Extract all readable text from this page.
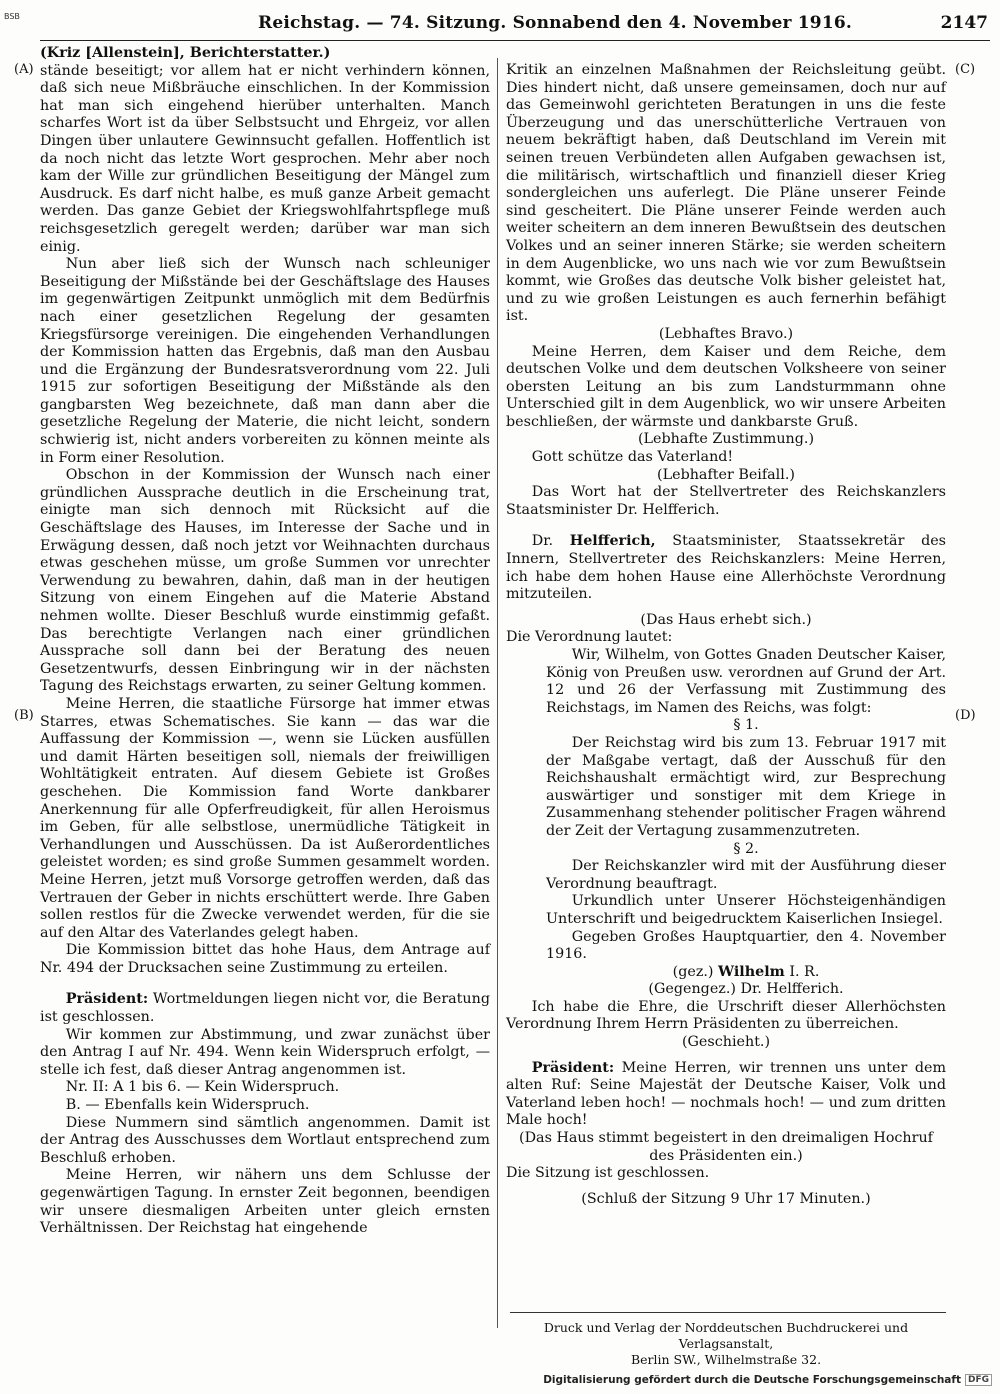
BSB	Reichstag. — 74. Sitzung. Sonnabend den 4. November 1916.	2147
(A)
(B)
(C)
(D)

(Kriz [Allenstein], Berichterstatter.)

stände beseitigt; vor allem hat er nicht verhindern können, daß sich neue Mißbräuche einschlichen. In der Kommission hat man sich eingehend hierüber unterhalten. Manch scharfes Wort ist da über Selbstsucht und Ehrgeiz, vor allen Dingen über unlautere Gewinnsucht gefallen. Hoffentlich ist da noch nicht das letzte Wort gesprochen. Mehr aber noch kam der Wille zur gründlichen Beseitigung der Mängel zum Ausdruck. Es darf nicht halbe, es muß ganze Arbeit gemacht werden. Das ganze Gebiet der Kriegswohlfahrtspflege muß reichsgesetzlich geregelt werden; darüber war man sich einig.

Nun aber ließ sich der Wunsch nach schleuniger Beseitigung der Mißstände bei der Geschäftslage des Hauses im gegenwärtigen Zeitpunkt unmöglich mit dem Bedürfnis nach einer gesetzlichen Regelung der gesamten Kriegsfürsorge vereinigen. Die eingehenden Verhandlungen der Kommission hatten das Ergebnis, daß man den Ausbau und die Ergänzung der Bundesratsverordnung vom 22. Juli 1915 zur sofortigen Beseitigung der Mißstände als den gangbarsten Weg bezeichnete, daß man dann aber die gesetzliche Regelung der Materie, die nicht leicht, sondern schwierig ist, nicht anders vorbereiten zu können meinte als in Form einer Resolution.

Obschon in der Kommission der Wunsch nach einer gründlichen Aussprache deutlich in die Erscheinung trat, einigte man sich dennoch mit Rücksicht auf die Geschäftslage des Hauses, im Interesse der Sache und in Erwägung dessen, daß noch jetzt vor Weihnachten durchaus etwas geschehen müsse, um große Summen vor unrechter Verwendung zu bewahren, dahin, daß man in der heutigen Sitzung von einem Eingehen auf die Materie Abstand nehmen wollte. Dieser Beschluß wurde einstimmig gefaßt. Das berechtigte Verlangen nach einer gründlichen Aussprache soll dann bei der Beratung des neuen Gesetzentwurfs, dessen Einbringung wir in der nächsten Tagung des Reichstags erwarten, zu seiner Geltung kommen.

Meine Herren, die staatliche Fürsorge hat immer etwas Starres, etwas Schematisches. Sie kann — das war die Auffassung der Kommission —, wenn sie Lücken ausfüllen und damit Härten beseitigen soll, niemals der freiwilligen Wohltätigkeit entraten. Auf diesem Gebiete ist Großes geschehen. Die Kommission fand Worte dankbarer Anerkennung für alle Opferfreudigkeit, für allen Heroismus im Geben, für alle selbstlose, unermüdliche Tätigkeit in Verhandlungen und Ausschüssen. Da ist Außerordentliches geleistet worden; es sind große Summen gesammelt worden. Meine Herren, jetzt muß Vorsorge getroffen werden, daß das Vertrauen der Geber in nichts erschüttert werde. Ihre Gaben sollen restlos für die Zwecke verwendet werden, für die sie auf den Altar des Vaterlandes gelegt haben.

Die Kommission bittet das hohe Haus, dem Antrage auf Nr. 494 der Drucksachen seine Zustimmung zu erteilen.

Präsident: Wortmeldungen liegen nicht vor, die Beratung ist geschlossen.

Wir kommen zur Abstimmung, und zwar zunächst über den Antrag I auf Nr. 494. Wenn kein Widerspruch erfolgt, — stelle ich fest, daß dieser Antrag angenommen ist.

Nr. II: A 1 bis 6. — Kein Widerspruch.

B. — Ebenfalls kein Widerspruch.

Diese Nummern sind sämtlich angenommen. Damit ist der Antrag des Ausschusses dem Wortlaut entsprechend zum Beschluß erhoben.

Meine Herren, wir nähern uns dem Schlusse der gegenwärtigen Tagung. In ernster Zeit begonnen, beendigen wir unsere diesmaligen Arbeiten unter gleich ernsten Verhältnissen. Der Reichstag hat eingehende

Kritik an einzelnen Maßnahmen der Reichsleitung geübt. Dies hindert nicht, daß unsere gemeinsamen, doch nur auf das Gemeinwohl gerichteten Beratungen in uns die feste Überzeugung und das unerschütterliche Vertrauen von neuem bekräftigt haben, daß Deutschland im Verein mit seinen treuen Verbündeten allen Aufgaben gewachsen ist, die militärisch, wirtschaftlich und finanziell dieser Krieg sondergleichen uns auferlegt. Die Pläne unserer Feinde sind gescheitert. Die Pläne unserer Feinde werden auch weiter scheitern an dem inneren Bewußtsein des deutschen Volkes und an seiner inneren Stärke; sie werden scheitern in dem Augenblicke, wo uns nach wie vor zum Bewußtsein kommt, wie Großes das deutsche Volk bisher geleistet hat, und zu wie großen Leistungen es auch fernerhin befähigt ist.

(Lebhaftes Bravo.)

Meine Herren, dem Kaiser und dem Reiche, dem deutschen Volke und dem deutschen Volksheere von seiner obersten Leitung an bis zum Landsturmmann ohne Unterschied gilt in dem Augenblick, wo wir unsere Arbeiten beschließen, der wärmste und dankbarste Gruß.

(Lebhafte Zustimmung.)

Gott schütze das Vaterland!

(Lebhafter Beifall.)

Das Wort hat der Stellvertreter des Reichskanzlers Staatsminister Dr. Helfferich.

Dr. Helfferich, Staatsminister, Staatssekretär des Innern, Stellvertreter des Reichskanzlers: Meine Herren, ich habe dem hohen Hause eine Allerhöchste Verordnung mitzuteilen.

(Das Haus erhebt sich.)

Die Verordnung lautet:

Wir, Wilhelm, von Gottes Gnaden Deutscher Kaiser, König von Preußen usw. verordnen auf Grund der Art. 12 und 26 der Verfassung mit Zustimmung des Reichstags, im Namen des Reichs, was folgt:

§ 1.

Der Reichstag wird bis zum 13. Februar 1917 mit der Maßgabe vertagt, daß der Ausschuß für den Reichshaushalt ermächtigt wird, zur Besprechung auswärtiger und sonstiger mit dem Kriege in Zusammenhang stehender politischer Fragen während der Zeit der Vertagung zusammenzutreten.

§ 2.

Der Reichskanzler wird mit der Ausführung dieser Verordnung beauftragt.

Urkundlich unter Unserer Höchsteigenhändigen Unterschrift und beigedrucktem Kaiserlichen Insiegel.

Gegeben Großes Hauptquartier, den 4. November 1916.

(gez.) Wilhelm I. R.

(Gegengez.) Dr. Helfferich.

Ich habe die Ehre, die Urschrift dieser Allerhöchsten Verordnung Ihrem Herrn Präsidenten zu überreichen.

(Geschieht.)

Präsident: Meine Herren, wir trennen uns unter dem alten Ruf: Seine Majestät der Deutsche Kaiser, Volk und Vaterland leben hoch! — nochmals hoch! — und zum dritten Male hoch!

(Das Haus stimmt begeistert in den dreimaligen Hochruf des Präsidenten ein.)

Die Sitzung ist geschlossen.

(Schluß der Sitzung 9 Uhr 17 Minuten.)

Druck und Verlag der Norddeutschen Buchdruckerei und Verlagsanstalt,
Berlin SW., Wilhelmstraße 32.
Digitalisierung gefördert durch die Deutsche Forschungsgemeinschaft DFG
